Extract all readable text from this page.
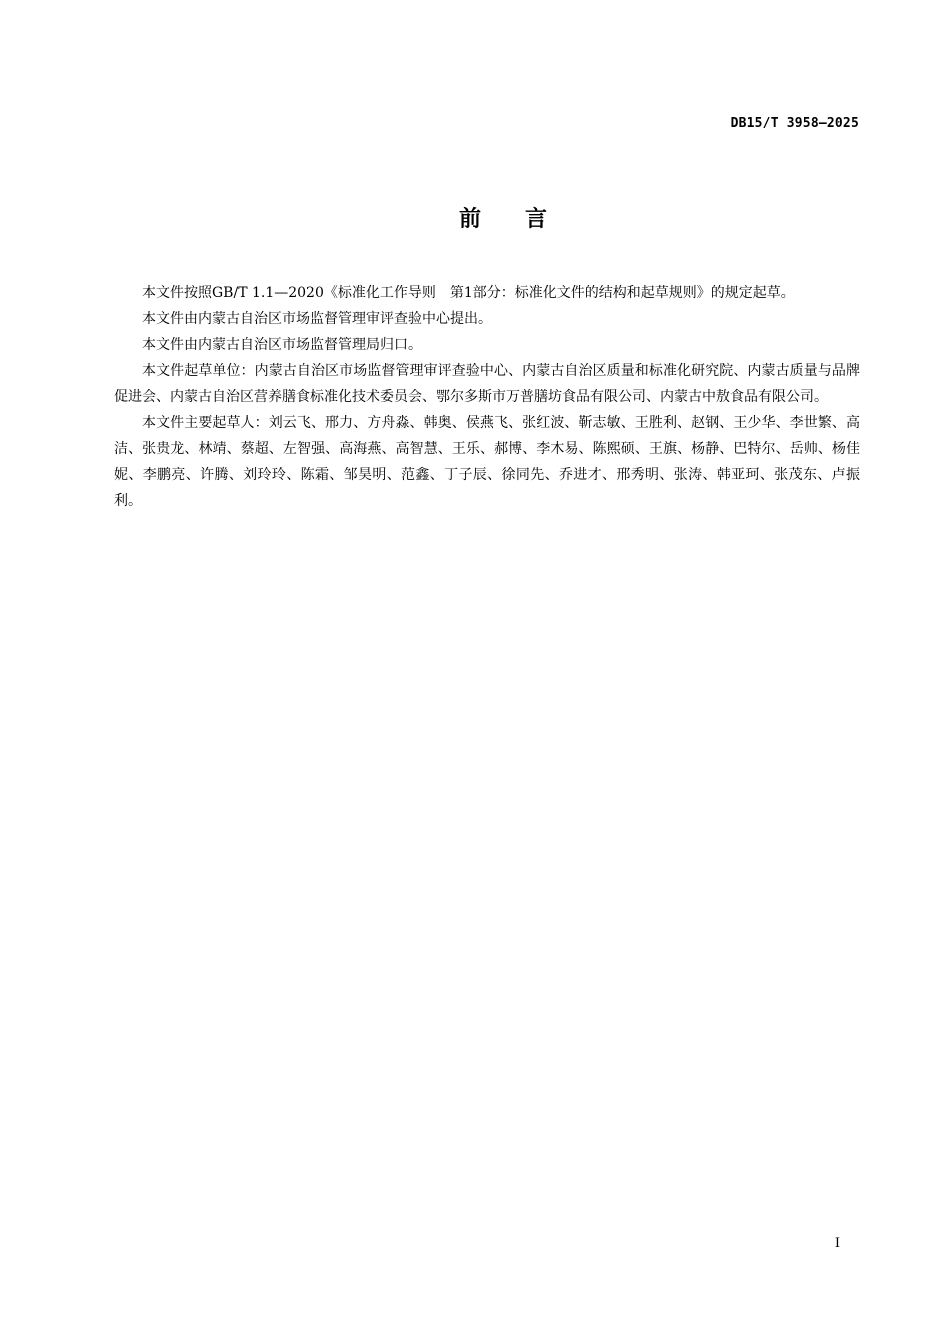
DB15/T 3958—2025
前 言

本文件按照GB/T 1.1—2020《标准化工作导则　第1部分：标准化文件的结构和起草规则》的规定起草。

本文件由内蒙古自治区市场监督管理审评查验中心提出。

本文件由内蒙古自治区市场监督管理局归口。

本文件起草单位：内蒙古自治区市场监督管理审评查验中心、内蒙古自治区质量和标准化研究院、内蒙古质量与品牌促进会、内蒙古自治区营养膳食标准化技术委员会、鄂尔多斯市万普膳坊食品有限公司、内蒙古中敖食品有限公司。

本文件主要起草人：刘云飞、邢力、方舟淼、韩奥、侯燕飞、张红波、靳志敏、王胜利、赵钢、王少华、李世繁、高洁、张贵龙、林靖、蔡超、左智强、高海燕、高智慧、王乐、郝博、李木易、陈熙硕、王旗、杨静、巴特尔、岳帅、杨佳妮、李鹏亮、许腾、刘玲玲、陈霜、邹昊明、范鑫、丁子辰、徐同先、乔进才、邢秀明、张涛、韩亚珂、张茂东、卢振利。

I
